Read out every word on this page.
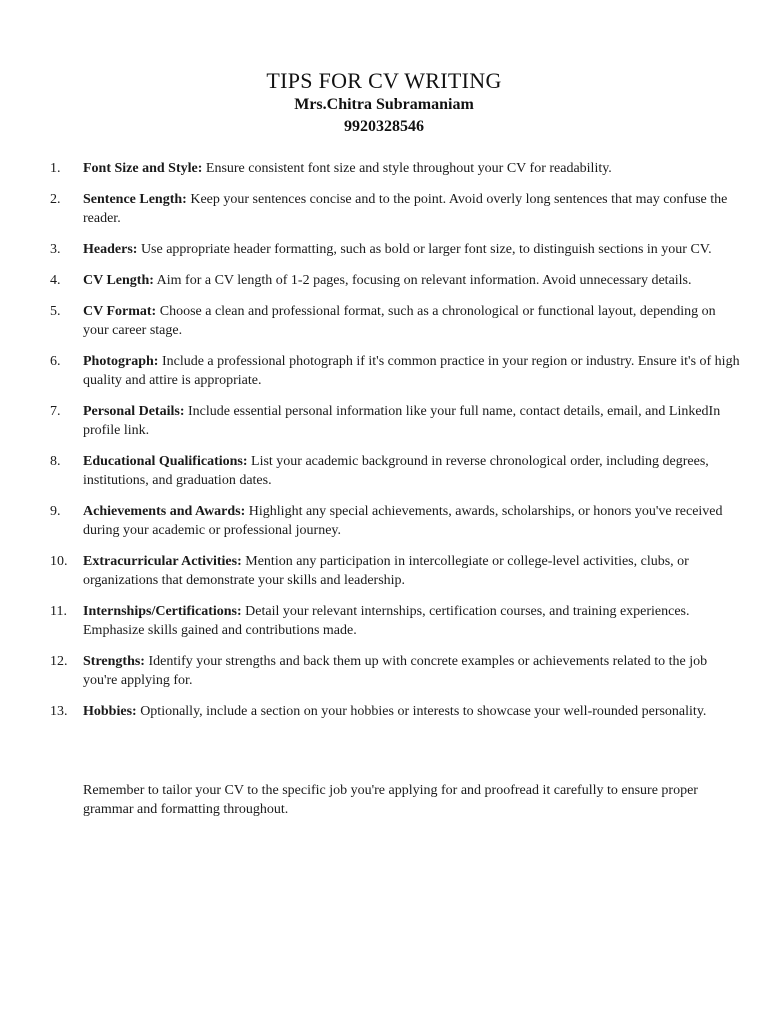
TIPS FOR CV WRITING

Mrs.Chitra Subramaniam

9920328546

1.	Font Size and Style: Ensure consistent font size and style throughout your CV for readability.
2.	Sentence Length: Keep your sentences concise and to the point. Avoid overly long sentences that may confuse the reader.
3.	Headers: Use appropriate header formatting, such as bold or larger font size, to distinguish sections in your CV.
4.	CV Length: Aim for a CV length of 1-2 pages, focusing on relevant information. Avoid unnecessary details.
5.	CV Format: Choose a clean and professional format, such as a chronological or functional layout, depending on your career stage.
6.	Photograph: Include a professional photograph if it's common practice in your region or industry. Ensure it's of high quality and attire is appropriate.
7.	Personal Details: Include essential personal information like your full name, contact details, email, and LinkedIn profile link.
8.	Educational Qualifications: List your academic background in reverse chronological order, including degrees, institutions, and graduation dates.
9.	Achievements and Awards: Highlight any special achievements, awards, scholarships, or honors you've received during your academic or professional journey.
10.	Extracurricular Activities: Mention any participation in intercollegiate or college-level activities, clubs, or organizations that demonstrate your skills and leadership.
11.	Internships/Certifications: Detail your relevant internships, certification courses, and training experiences. Emphasize skills gained and contributions made.
12.	Strengths: Identify your strengths and back them up with concrete examples or achievements related to the job you're applying for.
13.	Hobbies: Optionally, include a section on your hobbies or interests to showcase your well-rounded personality.

Remember to tailor your CV to the specific job you're applying for and proofread it carefully to ensure proper grammar and formatting throughout.
